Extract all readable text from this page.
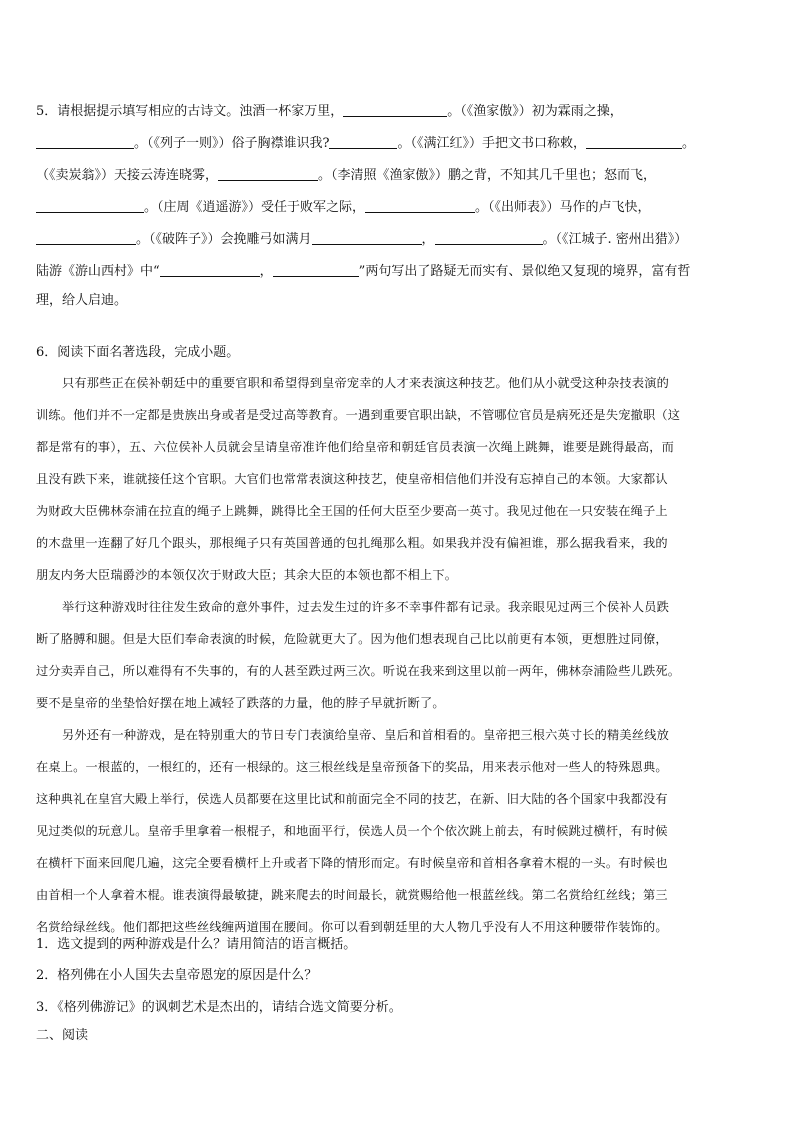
5．请根据提示填写相应的古诗文。浊酒一杯家万里，	。（《渔家傲》）初为霖雨之操，
。（《列子一则》）俗子胸襟谁识我?	。（《满江红》）手把文书口称敕，	。
（《卖炭翁》）天接云涛连晓雾，	。（李清照《渔家傲》）鹏之背，不知其几千里也；怒而飞，
。（庄周《逍遥游》）受任于败军之际，	。（《出师表》）马作的卢飞快，
。（《破阵子》）会挽雕弓如满月	，	。（《江城子. 密州出猎》）
陆游《游山西村》中“	，	”两句写出了路疑无而实有、景似绝又复现的境界，富有哲
理，给人启迪。
6．阅读下面名著选段，完成小题。
只有那些正在侯补朝廷中的重要官职和希望得到皇帝宠幸的人才来表演这种技艺。他们从小就受这种杂技表演的
训练。他们并不一定都是贵族出身或者是受过高等教育。一遇到重要官职出缺，不管哪位官员是病死还是失宠撤职（这
都是常有的事），五、六位侯补人员就会呈请皇帝准许他们给皇帝和朝廷官员表演一次绳上跳舞，谁要是跳得最高，而
且没有跌下来，谁就接任这个官职。大官们也常常表演这种技艺，使皇帝相信他们并没有忘掉自己的本领。大家都认
为财政大臣佛林奈浦在拉直的绳子上跳舞，跳得比全王国的任何大臣至少要高一英寸。我见过他在一只安装在绳子上
的木盘里一连翻了好几个跟头，那根绳子只有英国普通的包扎绳那么粗。如果我并没有偏袒谁，那么据我看来，我的
朋友内务大臣瑞爵沙的本领仅次于财政大臣；其余大臣的本领也都不相上下。
举行这种游戏时往往发生致命的意外事件，过去发生过的许多不幸事件都有记录。我亲眼见过两三个侯补人员跌
断了胳膊和腿。但是大臣们奉命表演的时候，危险就更大了。因为他们想表现自己比以前更有本领，更想胜过同僚，
过分卖弄自己，所以难得有不失事的，有的人甚至跌过两三次。听说在我来到这里以前一两年，佛林奈浦险些儿跌死。
要不是皇帝的坐垫恰好摆在地上减轻了跌落的力量，他的脖子早就折断了。
另外还有一种游戏，是在特别重大的节日专门表演给皇帝、皇后和首相看的。皇帝把三根六英寸长的精美丝线放
在桌上。一根蓝的，一根红的，还有一根绿的。这三根丝线是皇帝预备下的奖品，用来表示他对一些人的特殊恩典。
这种典礼在皇宫大殿上举行，侯选人员都要在这里比试和前面完全不同的技艺，在新、旧大陆的各个国家中我都没有
见过类似的玩意儿。皇帝手里拿着一根棍子，和地面平行，侯选人员一个个依次跳上前去，有时候跳过横杆，有时候
在横杆下面来回爬几遍，这完全要看横杆上升或者下降的情形而定。有时候皇帝和首相各拿着木棍的一头。有时候也
由首相一个人拿着木棍。谁表演得最敏捷，跳来爬去的时间最长，就赏赐给他一根蓝丝线。第二名赏给红丝线；第三
名赏给绿丝线。他们都把这些丝线缠两道围在腰间。你可以看到朝廷里的大人物几乎没有人不用这种腰带作装饰的。
1．选文提到的两种游戏是什么？请用简洁的语言概括。
2．格列佛在小人国失去皇帝恩宠的原因是什么？
3．《格列佛游记》的讽刺艺术是杰出的，请结合选文简要分析。
二、阅读
